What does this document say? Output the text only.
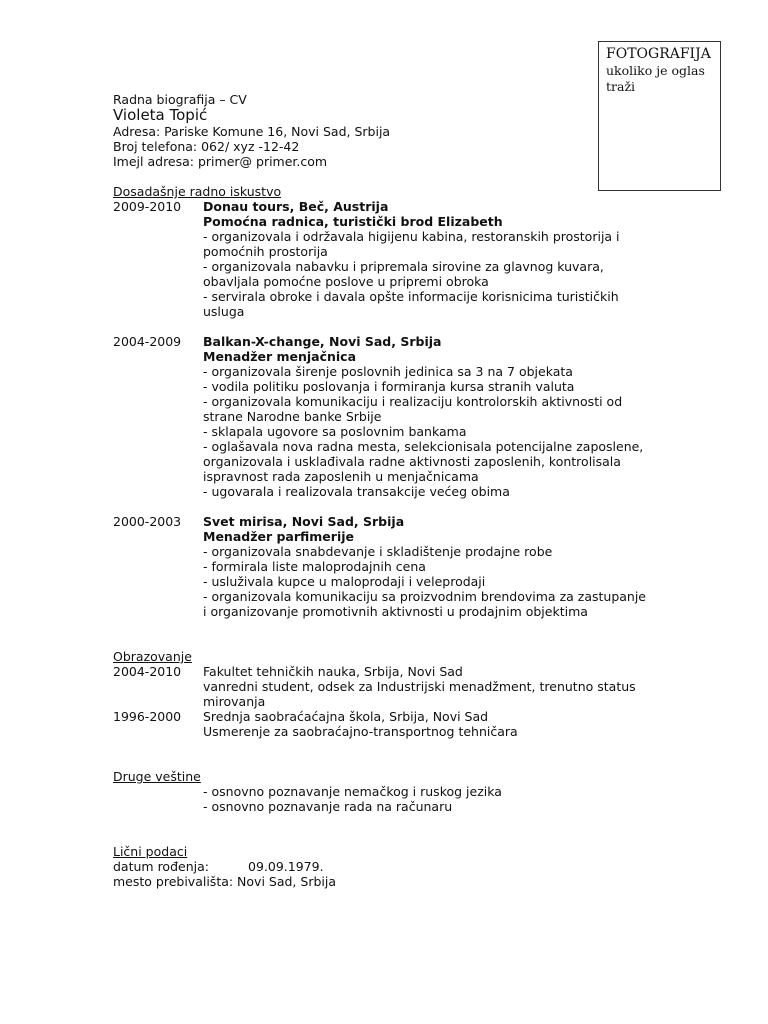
FOTOGRAFIJA
ukoliko je oglas
traži
Radna biografija – CV
Violeta Topić
Adresa: Pariske Komune 16, Novi Sad, Srbija
Broj telefona: 062/ xyz -12-42
Imejl adresa: primer@ primer.com
Dosadašnje radno iskustvo
2009-2010	Donau tours, Beč, Austrija
Pomoćna radnica, turistički brod Elizabeth
- organizovala i održavala higijenu kabina, restoranskih prostorija i
pomoćnih prostorija
- organizovala nabavku i pripremala sirovine za glavnog kuvara,
obavljala pomoćne poslove u pripremi obroka
- servirala obroke i davala opšte informacije korisnicima turističkih
usluga
2004-2009	Balkan-X-change, Novi Sad, Srbija
Menadžer menjačnica
- organizovala širenje poslovnih jedinica sa 3 na 7 objekata
- vodila politiku poslovanja i formiranja kursa stranih valuta
- organizovala komunikaciju i realizaciju kontrolorskih aktivnosti od
strane Narodne banke Srbije
- sklapala ugovore sa poslovnim bankama
- oglašavala nova radna mesta, selekcionisala potencijalne zaposlene,
organizovala i usklađivala radne aktivnosti zaposlenih, kontrolisala
ispravnost rada zaposlenih u menjačnicama
- ugovarala i realizovala transakcije većeg obima
2000-2003	Svet mirisa, Novi Sad, Srbija
Menadžer parfimerije
- organizovala snabdevanje i skladištenje prodajne robe
- formirala liste maloprodajnih cena
- usluživala kupce u maloprodaji i veleprodaji
- organizovala komunikaciju sa proizvodnim brendovima za zastupanje
i organizovanje promotivnih aktivnosti u prodajnim objektima
Obrazovanje
2004-2010	Fakultet tehničkih nauka, Srbija, Novi Sad
vanredni student, odsek za Industrijski menadžment, trenutno status
mirovanja
1996-2000	Srednja saobraćaćajna škola, Srbija, Novi Sad
Usmerenje za saobraćajno-transportnog tehničara
Druge veštine
- osnovno poznavanje nemačkog i ruskog jezika
- osnovno poznavanje rada na računaru
Lični podaci
datum rođenja:	09.09.1979.
mesto prebivališta: Novi Sad, Srbija
